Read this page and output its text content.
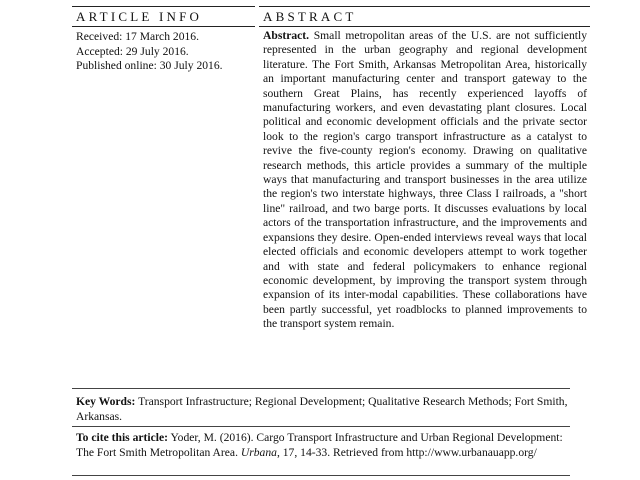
ARTICLE INFO	ABSTRACT
Received: 17 March 2016.
Accepted: 29 July 2016.
Published online: 30 July 2016.
Abstract. Small metropolitan areas of the U.S. are not sufficiently represented in the urban geography and regional development literature. The Fort Smith, Arkansas Metropolitan Area, historically an important manufacturing center and transport gateway to the southern Great Plains, has recently experienced layoffs of manufacturing workers, and even devastating plant closures. Local political and economic development officials and the private sector look to the region's cargo transport infrastructure as a catalyst to revive the five-county region's economy. Drawing on qualitative research methods, this article provides a summary of the multiple ways that manufacturing and transport businesses in the area utilize the region's two interstate highways, three Class I railroads, a "short line" railroad, and two barge ports. It discusses evaluations by local actors of the transportation infrastructure, and the improvements and expansions they desire. Open-ended interviews reveal ways that local elected officials and economic developers attempt to work together and with state and federal policymakers to enhance regional economic development, by improving the transport system through expansion of its inter-modal capabilities. These collaborations have been partly successful, yet roadblocks to planned improvements to the transport system remain.
Key Words: Transport Infrastructure; Regional Development; Qualitative Research Methods; Fort Smith, Arkansas.
To cite this article: Yoder, M. (2016). Cargo Transport Infrastructure and Urban Regional Development: The Fort Smith Metropolitan Area. Urbana, 17, 14-33. Retrieved from http://www.urbanauapp.org/
